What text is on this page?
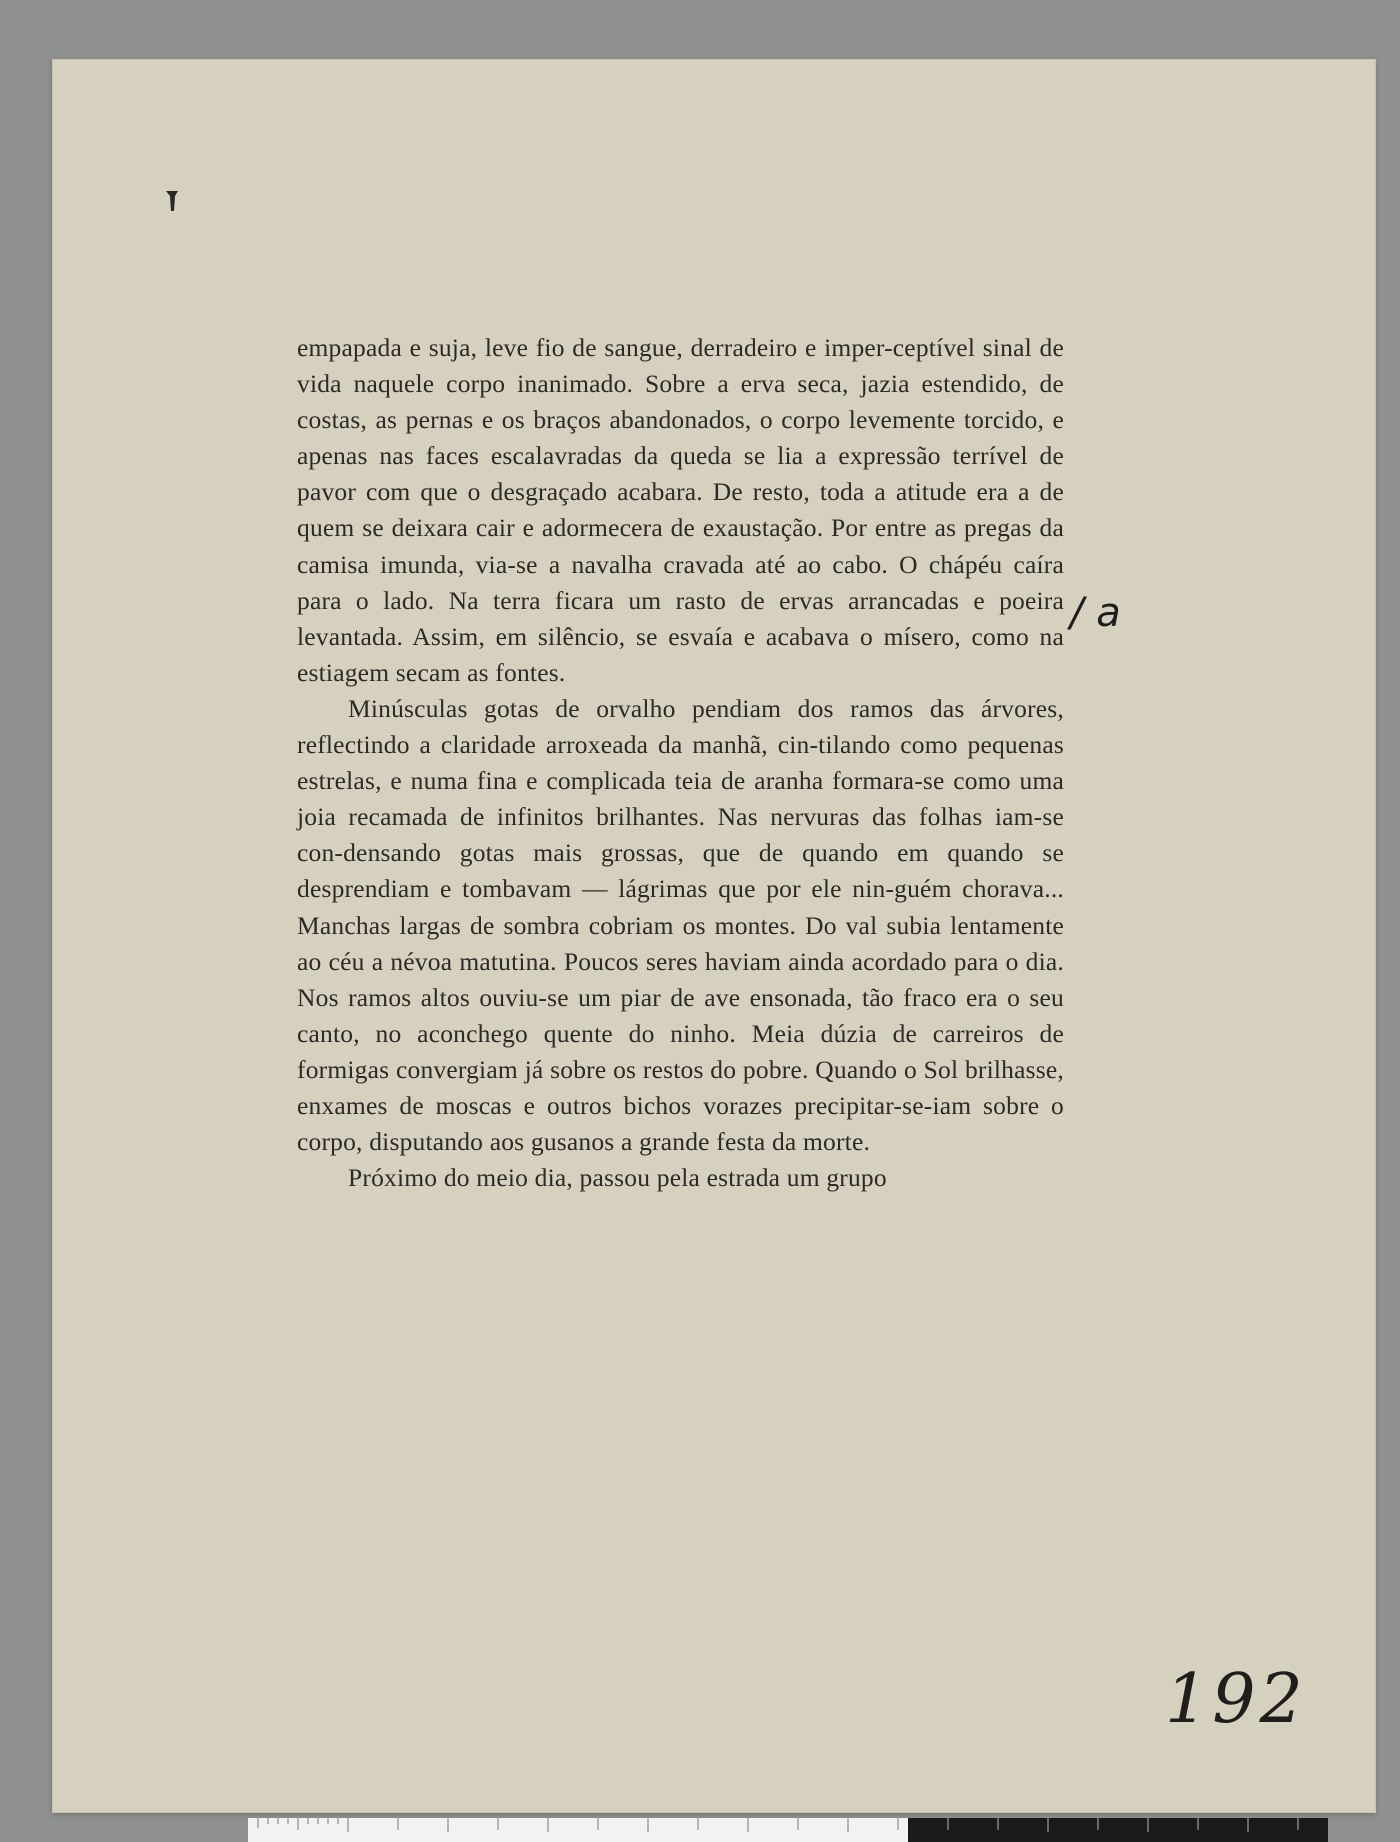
empapada e suja, leve fio de sangue, derradeiro e imper-ceptível sinal de vida naquele corpo inanimado. Sobre a erva seca, jazia estendido, de costas, as pernas e os braços abandonados, o corpo levemente torcido, e apenas nas faces escalavradas da queda se lia a expressão terrível de pavor com que o desgraçado acabara. De resto, toda a atitude era a de quem se deixara cair e adormecera de exaustação. Por entre as pregas da camisa imunda, via-se a navalha cravada até ao cabo. O chápéu caíra para o lado. Na terra ficara um rasto de ervas arrancadas e poeira levantada. Assim, em silêncio, se esvaía e acabava o mísero, como na estiagem secam as fontes.

Minúsculas gotas de orvalho pendiam dos ramos das árvores, reflectindo a claridade arroxeada da manhã, cin-tilando como pequenas estrelas, e numa fina e complicada teia de aranha formara-se como uma joia recamada de infinitos brilhantes. Nas nervuras das folhas iam-se con-densando gotas mais grossas, que de quando em quando se desprendiam e tombavam — lágrimas que por ele nin-guém chorava... Manchas largas de sombra cobriam os montes. Do val subia lentamente ao céu a névoa matutina. Poucos seres haviam ainda acordado para o dia. Nos ramos altos ouviu-se um piar de ave ensonada, tão fraco era o seu canto, no aconchego quente do ninho. Meia dúzia de carreiros de formigas convergiam já sobre os restos do pobre. Quando o Sol brilhasse, enxames de moscas e outros bichos vorazes precipitar-se-iam sobre o corpo, disputando aos gusanos a grande festa da morte.

Próximo do meio dia, passou pela estrada um grupo

/ a
192
